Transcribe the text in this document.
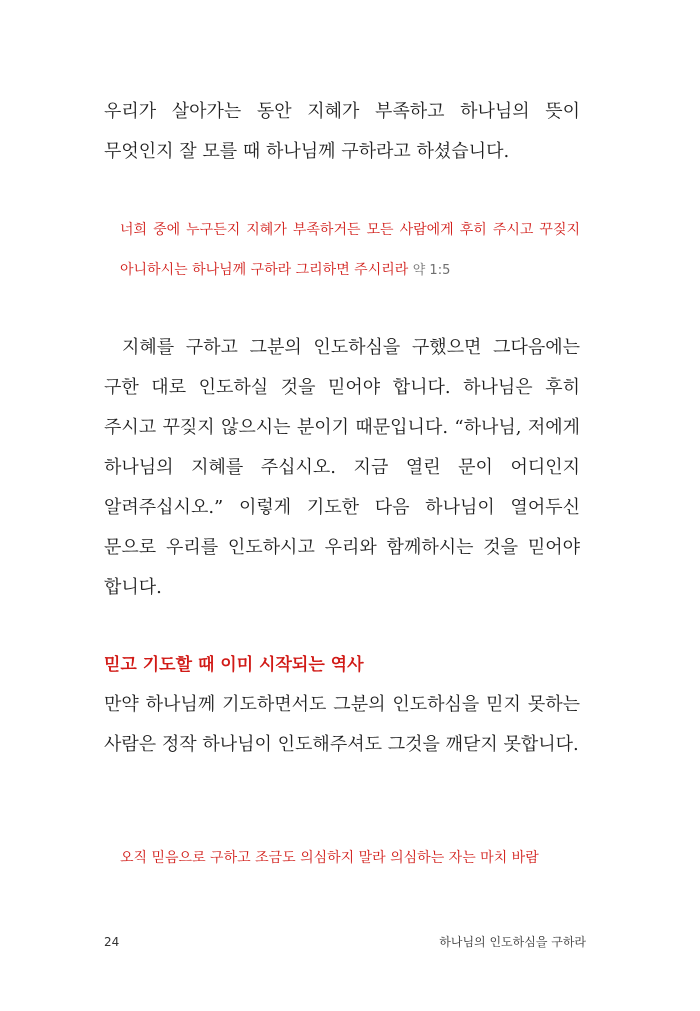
우리가 살아가는 동안 지혜가 부족하고 하나님의 뜻이 무엇인지 잘 모를 때 하나님께 구하라고 하셨습니다.

너희 중에 누구든지 지혜가 부족하거든 모든 사람에게 후히 주시고 꾸짖지 아니하시는 하나님께 구하라 그리하면 주시리라 약 1:5

지혜를 구하고 그분의 인도하심을 구했으면 그다음에는 구한 대로 인도하실 것을 믿어야 합니다. 하나님은 후히 주시고 꾸짖지 않으시는 분이기 때문입니다. “하나님, 저에게 하나님의 지혜를 주십시오. 지금 열린 문이 어디인지 알려주십시오.” 이렇게 기도한 다음 하나님이 열어두신 문으로 우리를 인도하시고 우리와 함께하시는 것을 믿어야 합니다.

믿고 기도할 때 이미 시작되는 역사

만약 하나님께 기도하면서도 그분의 인도하심을 믿지 못하는 사람은 정작 하나님이 인도해주셔도 그것을 깨닫지 못합니다.

오직 믿음으로 구하고 조금도 의심하지 말라 의심하는 자는 마치 바람

24	하나님의 인도하심을 구하라
